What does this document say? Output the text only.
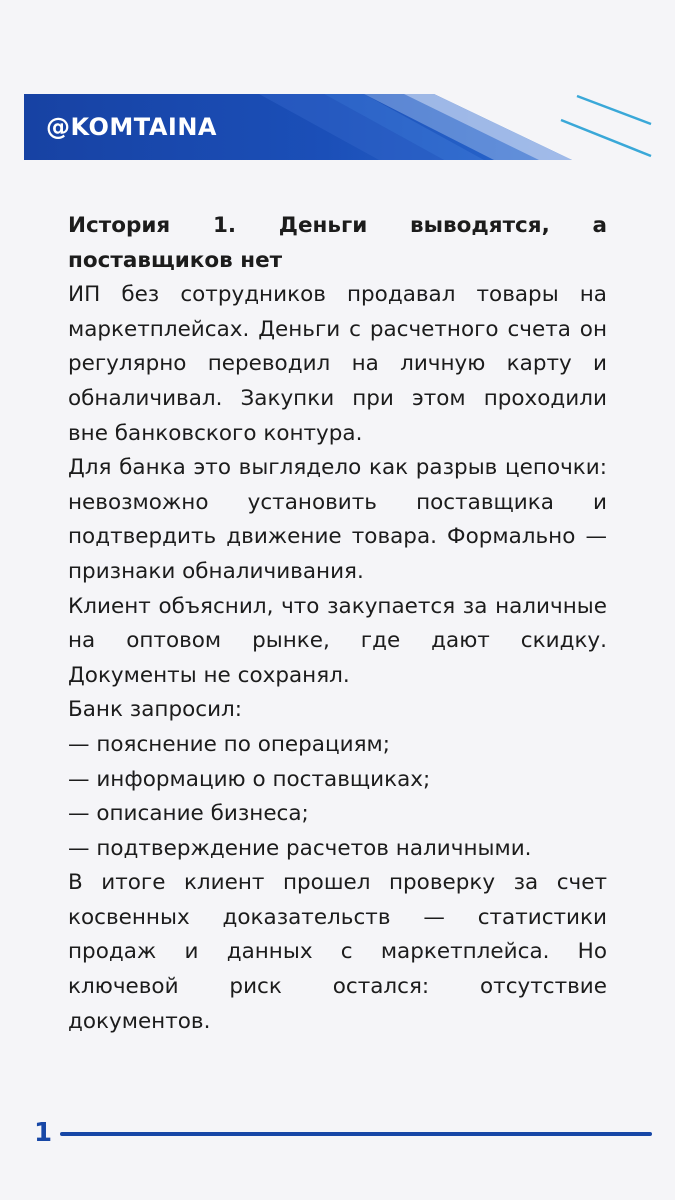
@KOMTAINA

История 1. Деньги выводятся, а поставщиков нет

ИП без сотрудников продавал товары на маркетплейсах. Деньги с расчетного счета он регулярно переводил на личную карту и обналичивал. Закупки при этом проходили вне банковского контура.

Для банка это выглядело как разрыв цепочки: невозможно установить поставщика и подтвердить движение товара. Формально — признаки обналичивания.

Клиент объяснил, что закупается за наличные на оптовом рынке, где дают скидку. Документы не сохранял.

Банк запросил:

— пояснение по операциям;

— информацию о поставщиках;

— описание бизнеса;

— подтверждение расчетов наличными.

В итоге клиент прошел проверку за счет косвенных доказательств — статистики продаж и данных с маркетплейса. Но ключевой риск остался: отсутствие документов.

1
